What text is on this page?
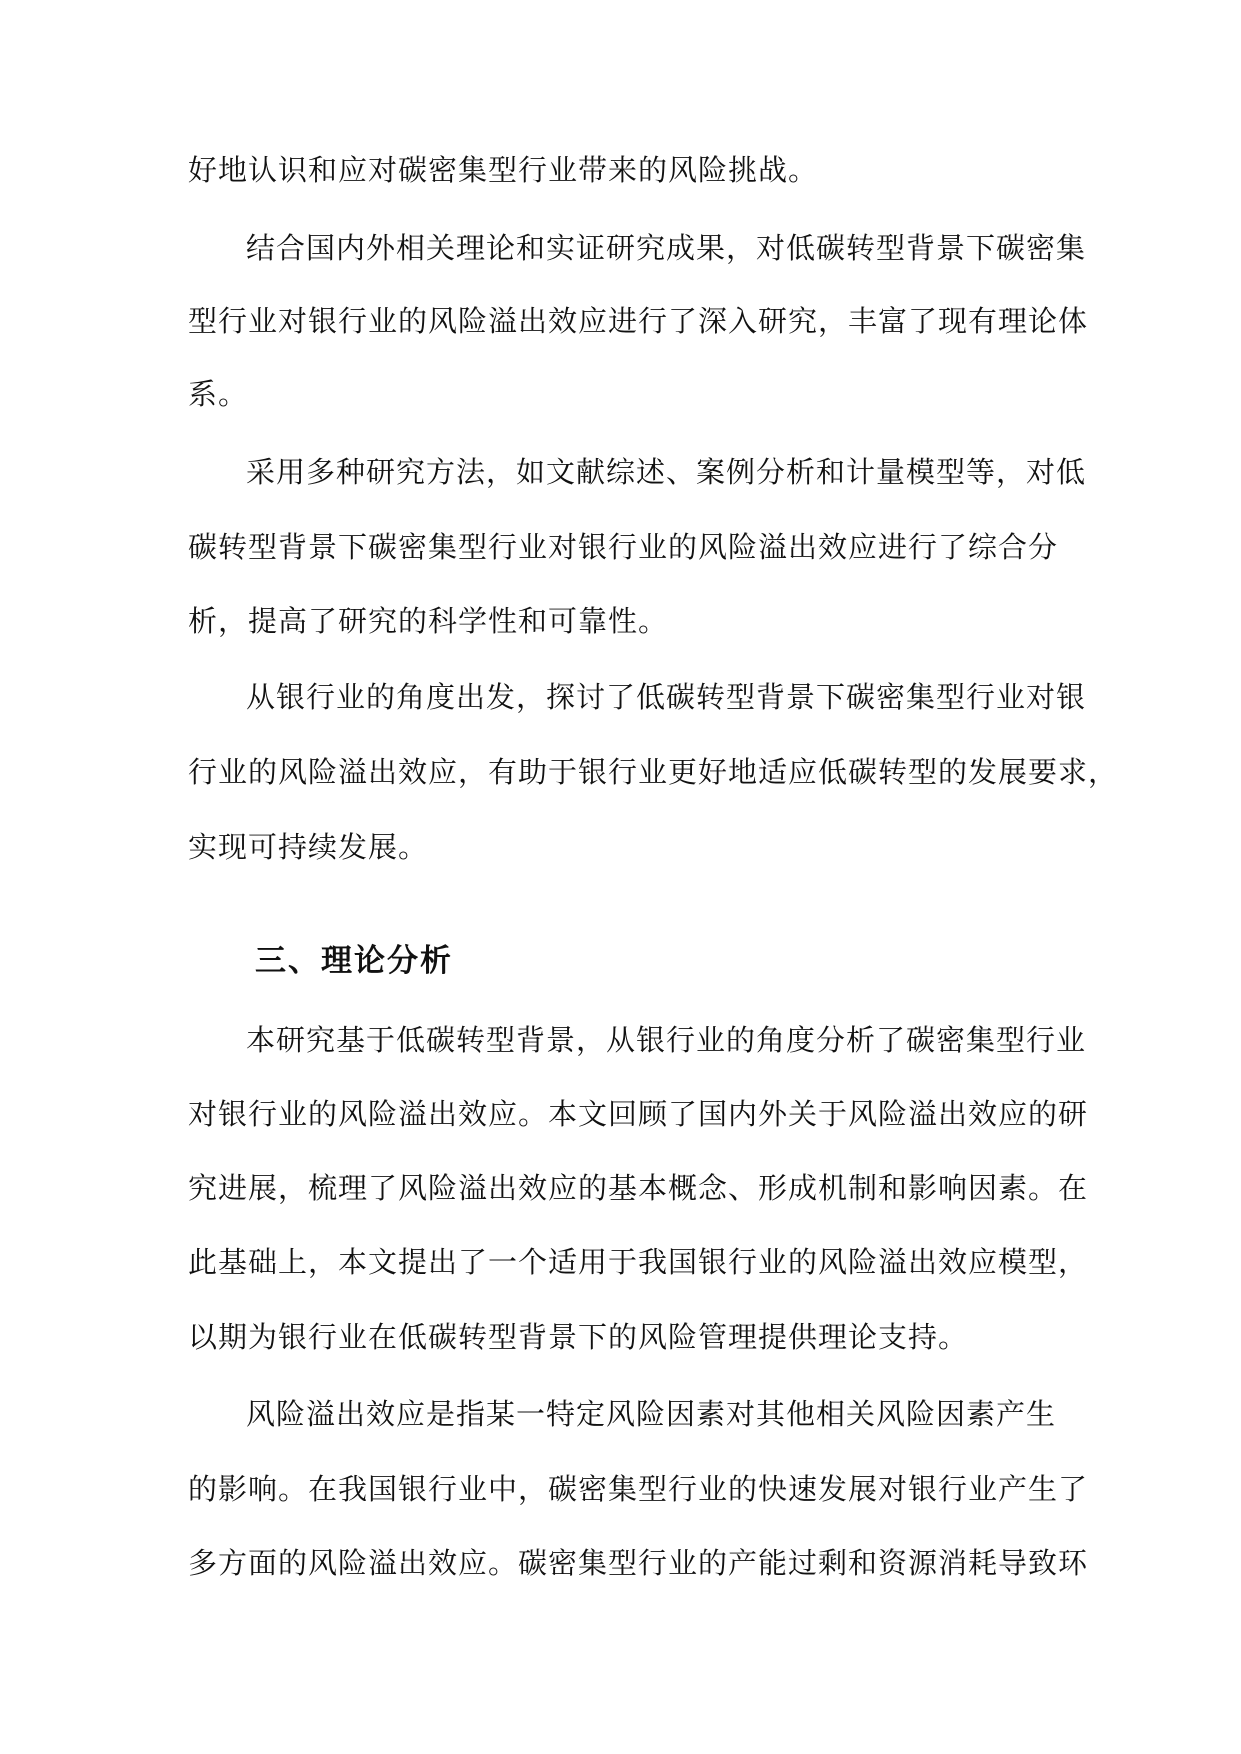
好地认识和应对碳密集型行业带来的风险挑战。
结合国内外相关理论和实证研究成果，对低碳转型背景下碳密集
型行业对银行业的风险溢出效应进行了深入研究，丰富了现有理论体
系。
采用多种研究方法，如文献综述、案例分析和计量模型等，对低
碳转型背景下碳密集型行业对银行业的风险溢出效应进行了综合分
析，提高了研究的科学性和可靠性。
从银行业的角度出发，探讨了低碳转型背景下碳密集型行业对银
行业的风险溢出效应，有助于银行业更好地适应低碳转型的发展要求，
实现可持续发展。
三、理论分析
本研究基于低碳转型背景，从银行业的角度分析了碳密集型行业
对银行业的风险溢出效应。本文回顾了国内外关于风险溢出效应的研
究进展，梳理了风险溢出效应的基本概念、形成机制和影响因素。在
此基础上，本文提出了一个适用于我国银行业的风险溢出效应模型，
以期为银行业在低碳转型背景下的风险管理提供理论支持。
风险溢出效应是指某一特定风险因素对其他相关风险因素产生
的影响。在我国银行业中，碳密集型行业的快速发展对银行业产生了
多方面的风险溢出效应。碳密集型行业的产能过剩和资源消耗导致环
